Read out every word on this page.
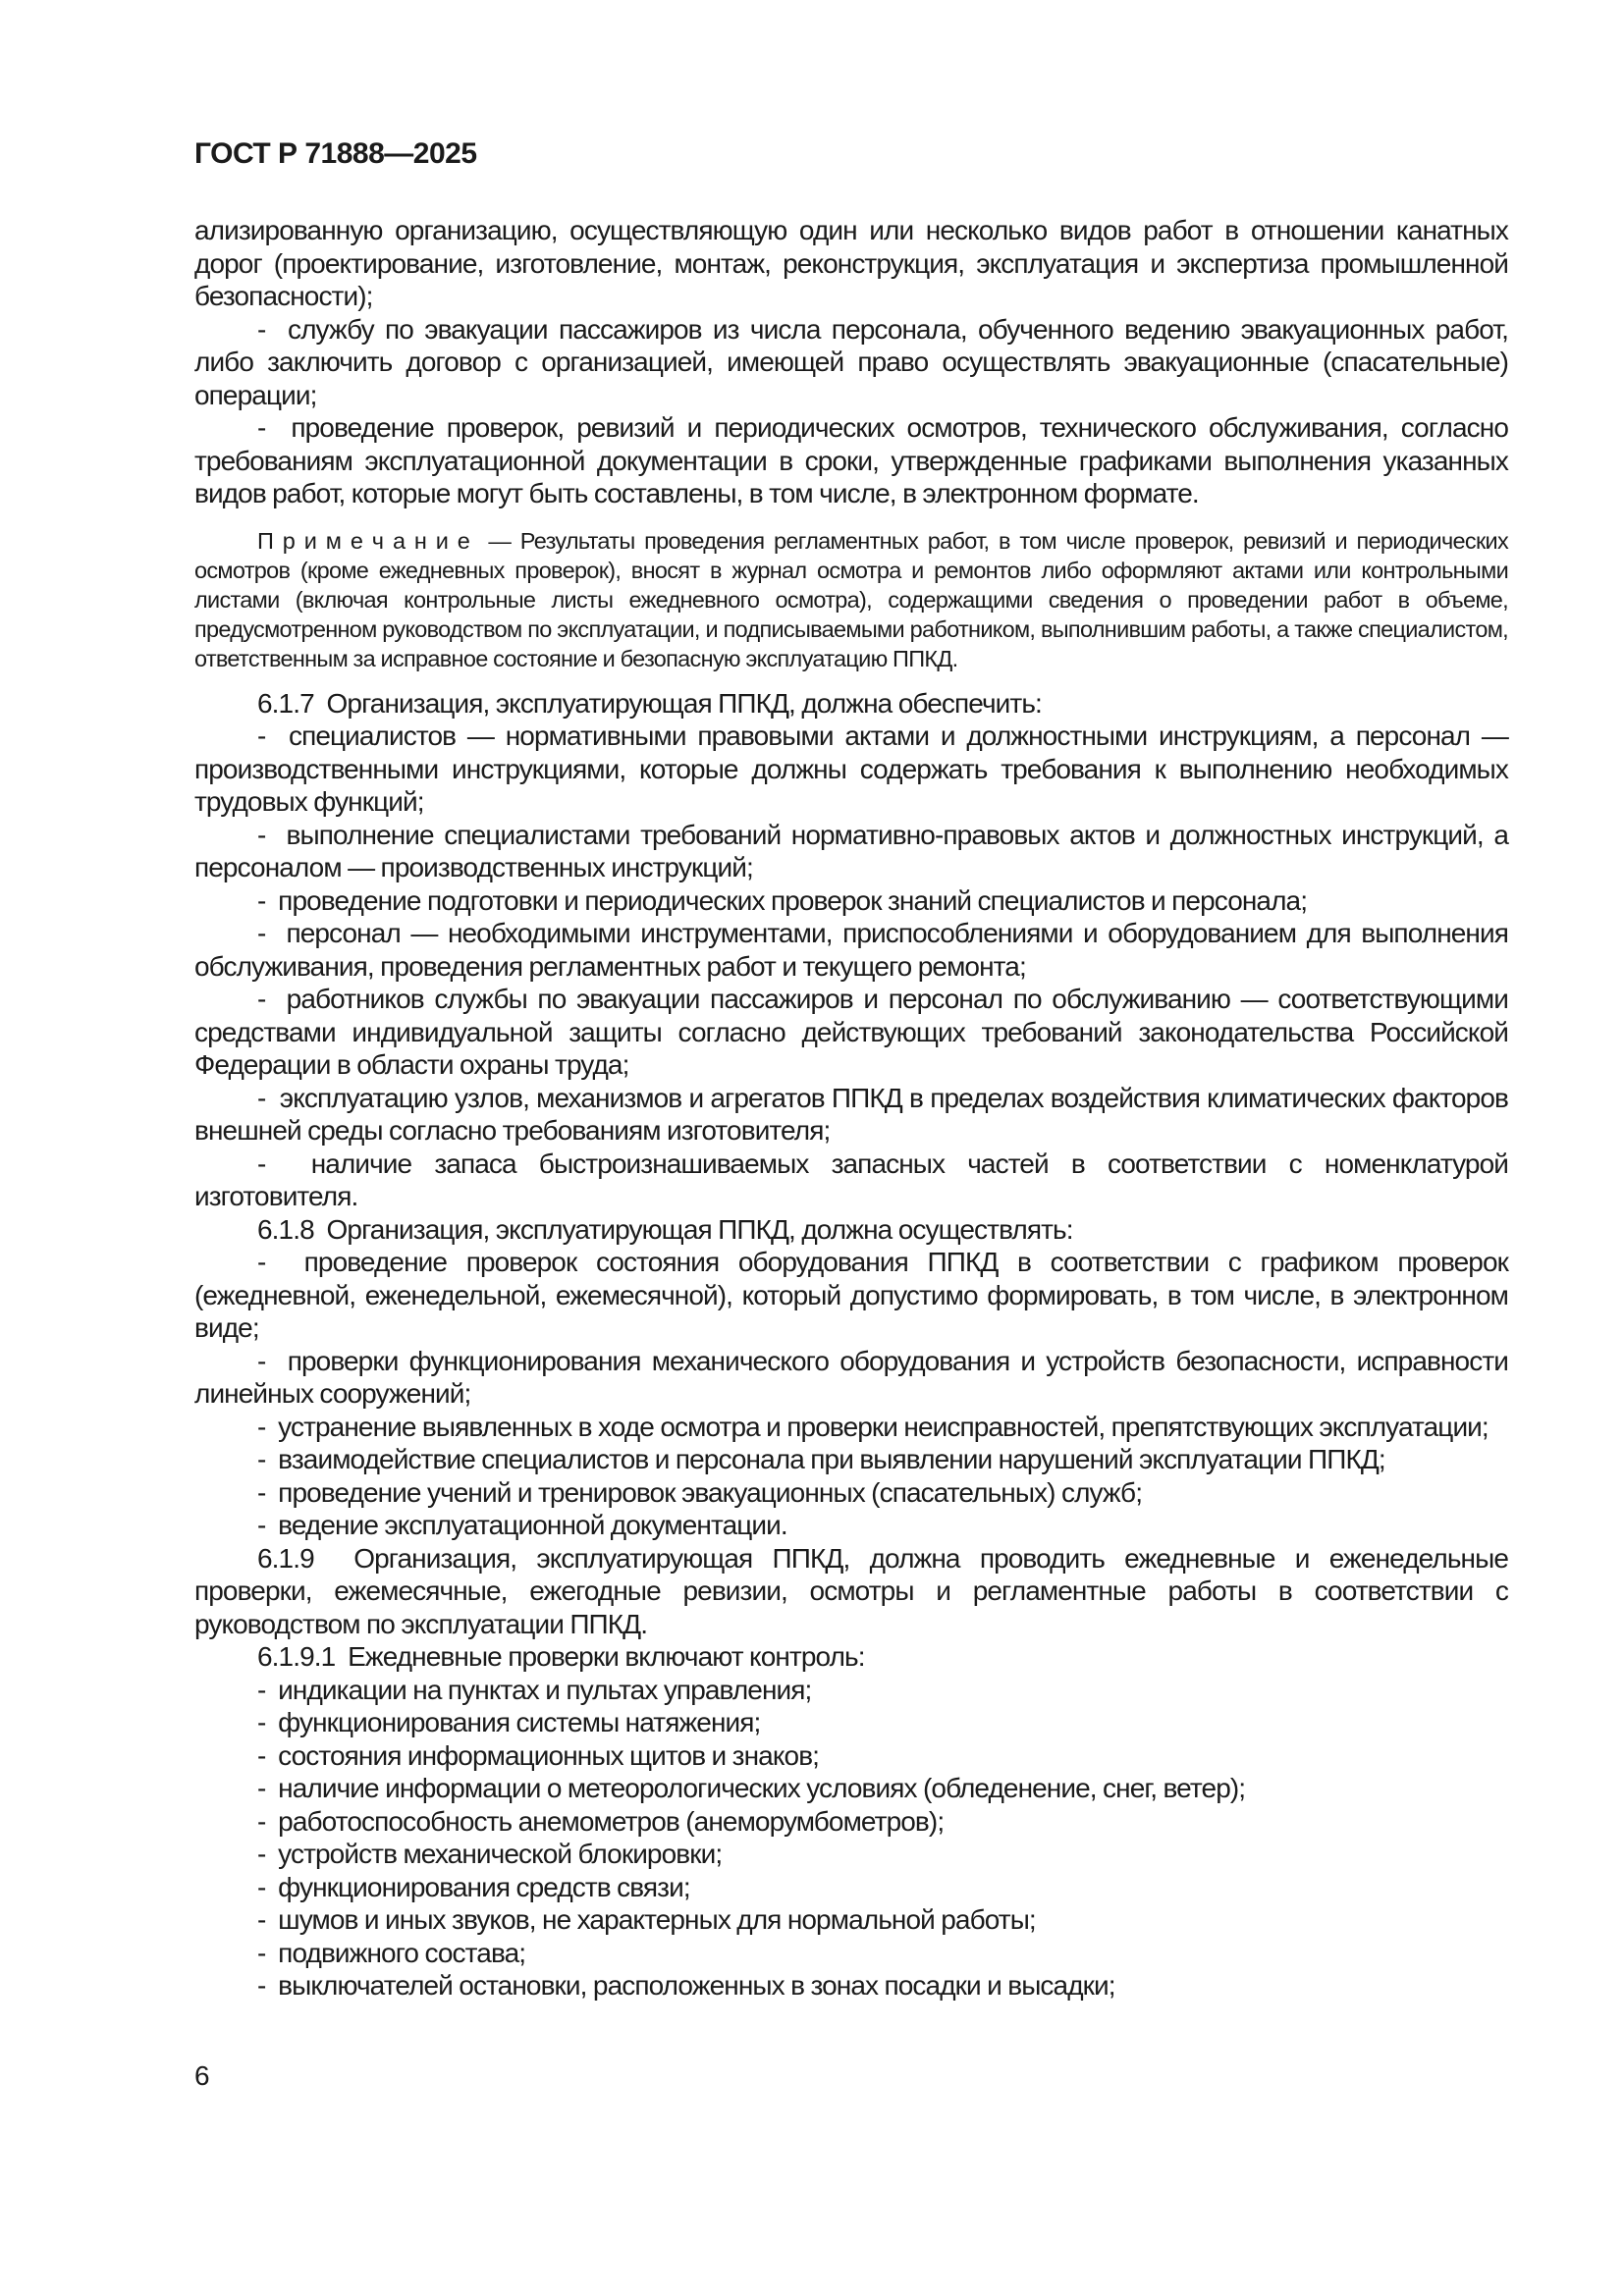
ГОСТ Р 71888—2025

ализированную организацию, осуществляющую один или несколько видов работ в отношении канатных дорог (проектирование, изготовление, монтаж, реконструкция, эксплуатация и экспертиза промышленной безопасности);

-  службу по эвакуации пассажиров из числа персонала, обученного ведению эвакуационных работ, либо заключить договор с организацией, имеющей право осуществлять эвакуационные (спасательные) операции;

-  проведение проверок, ревизий и периодических осмотров, технического обслуживания, согласно требованиям эксплуатационной документации в сроки, утвержденные графиками выполнения указанных видов работ, которые могут быть составлены, в том числе, в электронном формате.

П р и м е ч а н и е  — Результаты проведения регламентных работ, в том числе проверок, ревизий и периодических осмотров (кроме ежедневных проверок), вносят в журнал осмотра и ремонтов либо оформляют актами или контрольными листами (включая контрольные листы ежедневного осмотра), содержащими сведения о проведении работ в объеме, предусмотренном руководством по эксплуатации, и подписываемыми работником, выполнившим работы, а также специалистом, ответственным за исправное состояние и безопасную эксплуатацию ППКД.

6.1.7  Организация, эксплуатирующая ППКД, должна обеспечить:

-  специалистов — нормативными правовыми актами и должностными инструкциям, а персонал — производственными инструкциями, которые должны содержать требования к выполнению необходимых трудовых функций;

-  выполнение специалистами требований нормативно-правовых актов и должностных инструкций, а персоналом — производственных инструкций;

-  проведение подготовки и периодических проверок знаний специалистов и персонала;

-  персонал — необходимыми инструментами, приспособлениями и оборудованием для выполнения обслуживания, проведения регламентных работ и текущего ремонта;

-  работников службы по эвакуации пассажиров и персонал по обслуживанию — соответствующими средствами индивидуальной защиты согласно действующих требований законодательства Российской Федерации в области охраны труда;

-  эксплуатацию узлов, механизмов и агрегатов ППКД в пределах воздействия климатических факторов внешней среды согласно требованиям изготовителя;

-  наличие запаса быстроизнашиваемых запасных частей в соответствии с номенклатурой изготовителя.

6.1.8  Организация, эксплуатирующая ППКД, должна осуществлять:

-  проведение проверок состояния оборудования ППКД в соответствии с графиком проверок (ежедневной, еженедельной, ежемесячной), который допустимо формировать, в том числе, в электронном виде;

-  проверки функционирования механического оборудования и устройств безопасности, исправности линейных сооружений;

-  устранение выявленных в ходе осмотра и проверки неисправностей, препятствующих эксплуатации;

-  взаимодействие специалистов и персонала при выявлении нарушений эксплуатации ППКД;

-  проведение учений и тренировок эвакуационных (спасательных) служб;

-  ведение эксплуатационной документации.

6.1.9  Организация, эксплуатирующая ППКД, должна проводить ежедневные и еженедельные проверки, ежемесячные, ежегодные ревизии, осмотры и регламентные работы в соответствии с руководством по эксплуатации ППКД.

6.1.9.1  Ежедневные проверки включают контроль:

-  индикации на пунктах и пультах управления;

-  функционирования системы натяжения;

-  состояния информационных щитов и знаков;

-  наличие информации о метеорологических условиях (обледенение, снег, ветер);

-  работоспособность анемометров (анеморумбометров);

-  устройств механической блокировки;

-  функционирования средств связи;

-  шумов и иных звуков, не характерных для нормальной работы;

-  подвижного состава;

-  выключателей остановки, расположенных в зонах посадки и высадки;

6
